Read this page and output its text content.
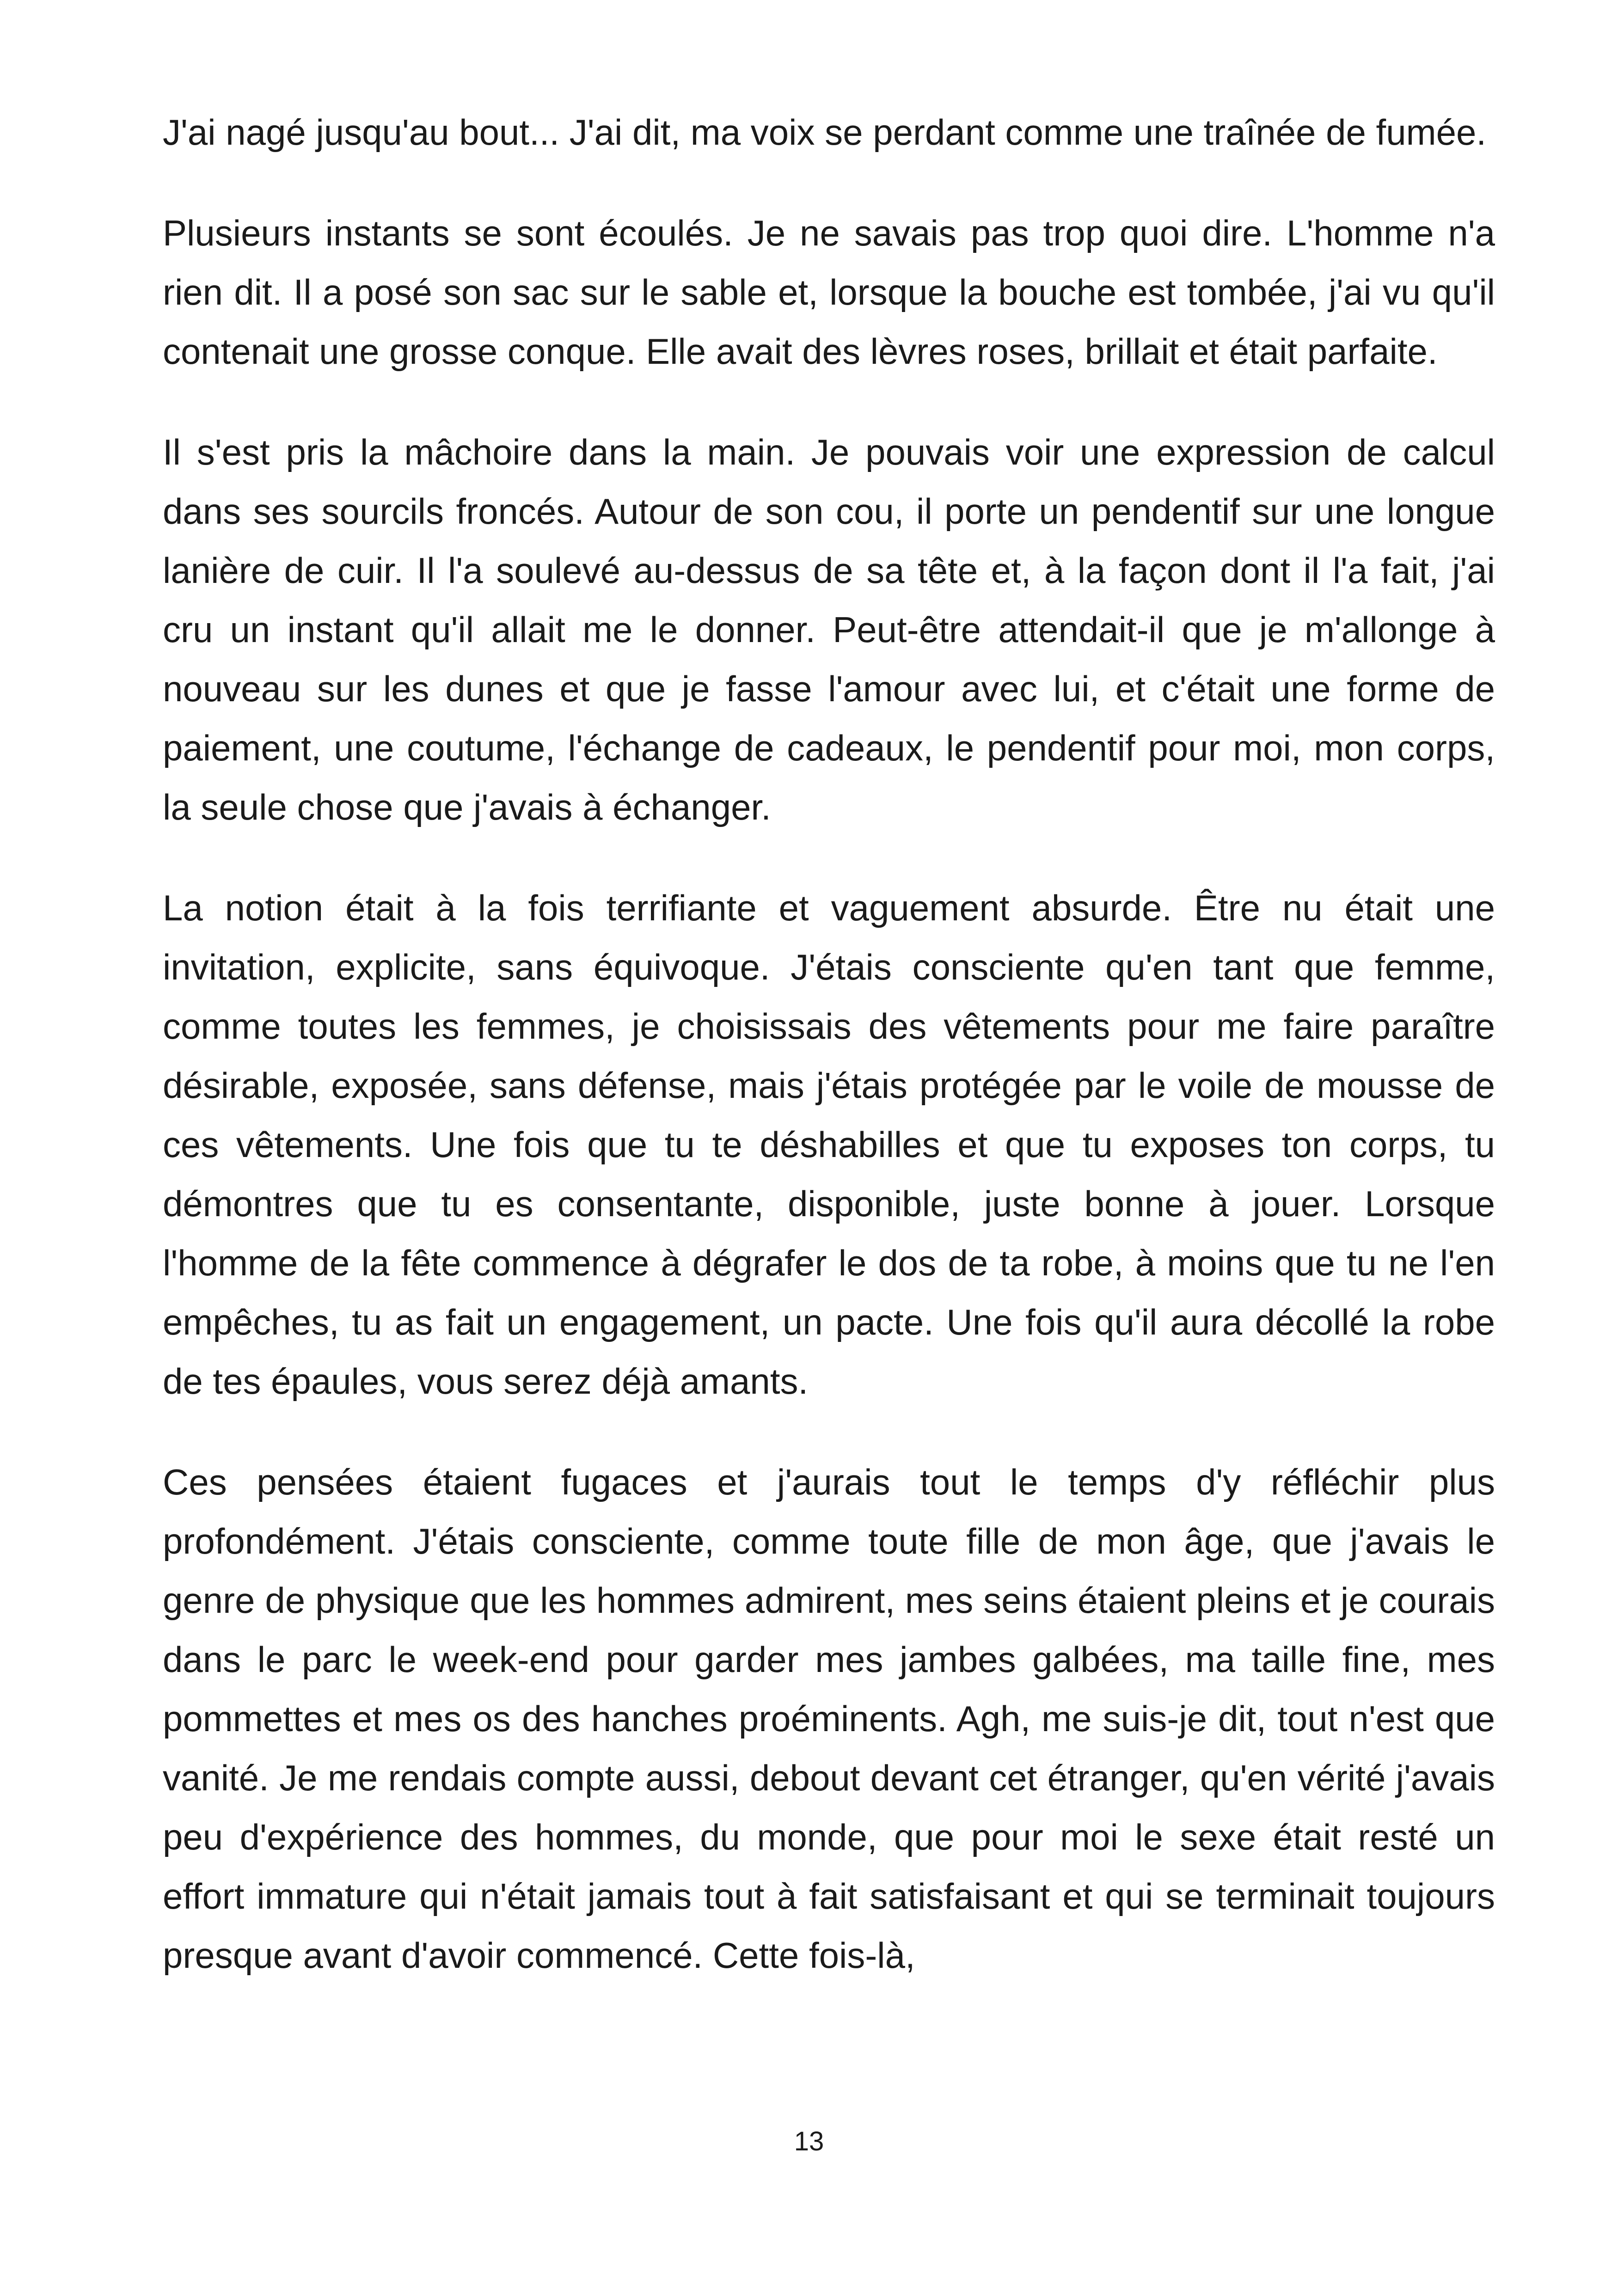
J'ai nagé jusqu'au bout... J'ai dit, ma voix se perdant comme une traînée de fumée.

Plusieurs instants se sont écoulés. Je ne savais pas trop quoi dire. L'homme n'a rien dit. Il a posé son sac sur le sable et, lorsque la bouche est tombée, j'ai vu qu'il contenait une grosse conque. Elle avait des lèvres roses, brillait et était parfaite.

Il s'est pris la mâchoire dans la main. Je pouvais voir une expression de calcul dans ses sourcils froncés. Autour de son cou, il porte un pendentif sur une longue lanière de cuir. Il l'a soulevé au-dessus de sa tête et, à la façon dont il l'a fait, j'ai cru un instant qu'il allait me le donner. Peut-être attendait-il que je m'allonge à nouveau sur les dunes et que je fasse l'amour avec lui, et c'était une forme de paiement, une coutume, l'échange de cadeaux, le pendentif pour moi, mon corps, la seule chose que j'avais à échanger.

La notion était à la fois terrifiante et vaguement absurde. Être nu était une invitation, explicite, sans équivoque. J'étais consciente qu'en tant que femme, comme toutes les femmes, je choisissais des vêtements pour me faire paraître désirable, exposée, sans défense, mais j'étais protégée par le voile de mousse de ces vêtements. Une fois que tu te déshabilles et que tu exposes ton corps, tu démontres que tu es consentante, disponible, juste bonne à jouer. Lorsque l'homme de la fête commence à dégrafer le dos de ta robe, à moins que tu ne l'en empêches, tu as fait un engagement, un pacte. Une fois qu'il aura décollé la robe de tes épaules, vous serez déjà amants.

Ces pensées étaient fugaces et j'aurais tout le temps d'y réfléchir plus profondément. J'étais consciente, comme toute fille de mon âge, que j'avais le genre de physique que les hommes admirent, mes seins étaient pleins et je courais dans le parc le week-end pour garder mes jambes galbées, ma taille fine, mes pommettes et mes os des hanches proéminents. Agh, me suis-je dit, tout n'est que vanité. Je me rendais compte aussi, debout devant cet étranger, qu'en vérité j'avais peu d'expérience des hommes, du monde, que pour moi le sexe était resté un effort immature qui n'était jamais tout à fait satisfaisant et qui se terminait toujours presque avant d'avoir commencé. Cette fois-là,

13
